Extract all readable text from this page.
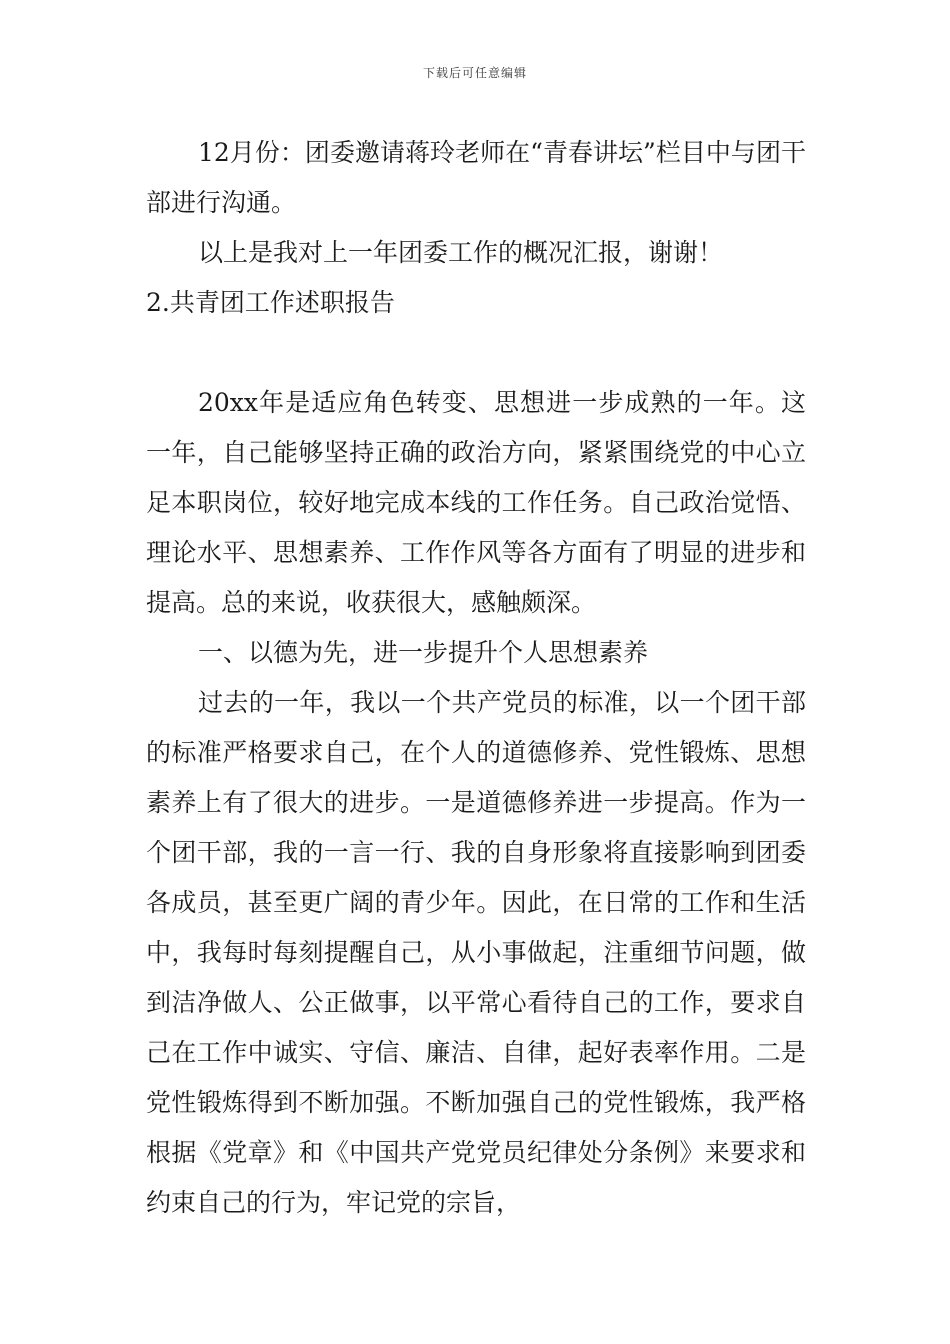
下载后可任意编辑

12月份：团委邀请蒋玲老师在“青春讲坛”栏目中与团干部进行沟通。

以上是我对上一年团委工作的概况汇报，谢谢！

2.共青团工作述职报告

20xx年是适应角色转变、思想进一步成熟的一年。这一年，自己能够坚持正确的政治方向，紧紧围绕党的中心立足本职岗位，较好地完成本线的工作任务。自己政治觉悟、理论水平、思想素养、工作作风等各方面有了明显的进步和提高。总的来说，收获很大，感触颇深。

一、以德为先，进一步提升个人思想素养

过去的一年，我以一个共产党员的标准，以一个团干部的标准严格要求自己，在个人的道德修养、党性锻炼、思想素养上有了很大的进步。一是道德修养进一步提高。作为一个团干部，我的一言一行、我的自身形象将直接影响到团委各成员，甚至更广阔的青少年。因此，在日常的工作和生活中，我每时每刻提醒自己，从小事做起，注重细节问题，做到洁净做人、公正做事，以平常心看待自己的工作，要求自己在工作中诚实、守信、廉洁、自律，起好表率作用。二是党性锻炼得到不断加强。不断加强自己的党性锻炼，我严格根据《党章》和《中国共产党党员纪律处分条例》来要求和约束自己的行为，牢记党的宗旨，
